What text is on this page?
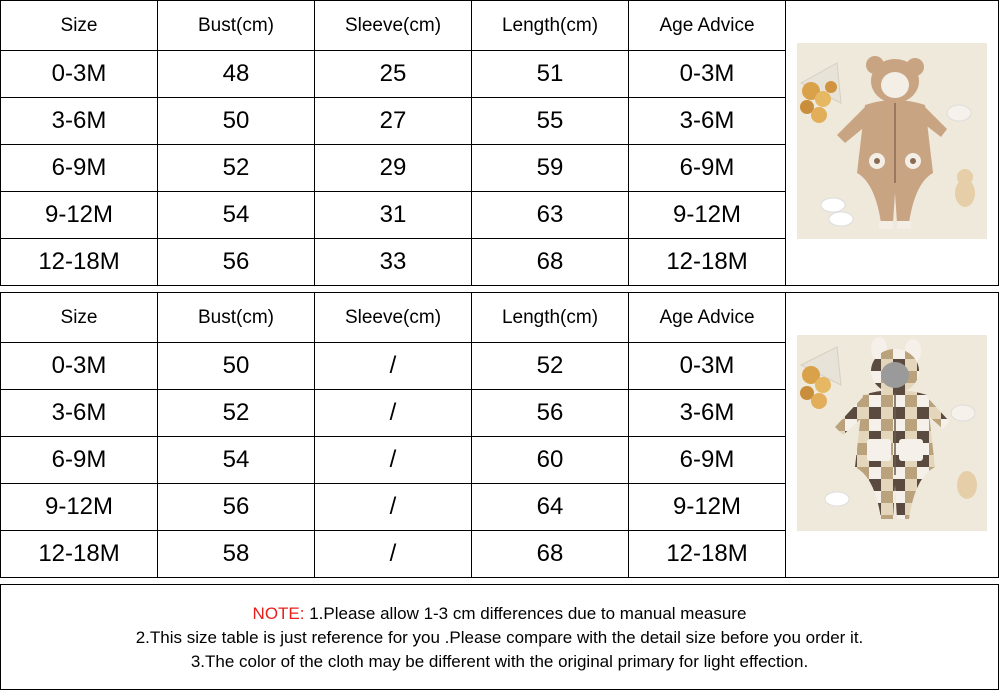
Size	Bust(cm)	Sleeve(cm)	Length(cm)	Age Advice	
0-3M	48	25	51	0-3M	
3-6M	50	27	55	3-6M	
6-9M	52	29	59	6-9M	
9-12M	54	31	63	9-12M	
12-18M	56	33	68	12-18M	
Size	Bust(cm)	Sleeve(cm)	Length(cm)	Age Advice	
0-3M	50	/	52	0-3M	
3-6M	52	/	56	3-6M	
6-9M	54	/	60	6-9M	
9-12M	56	/	64	9-12M	
12-18M	58	/	68	12-18M	
NOTE: 1.Please allow 1-3 cm differences due to manual measure
2.This size table is just reference for you .Please compare with the detail size before you order it.
3.The color of the cloth may be different with the original primary for light effection.
